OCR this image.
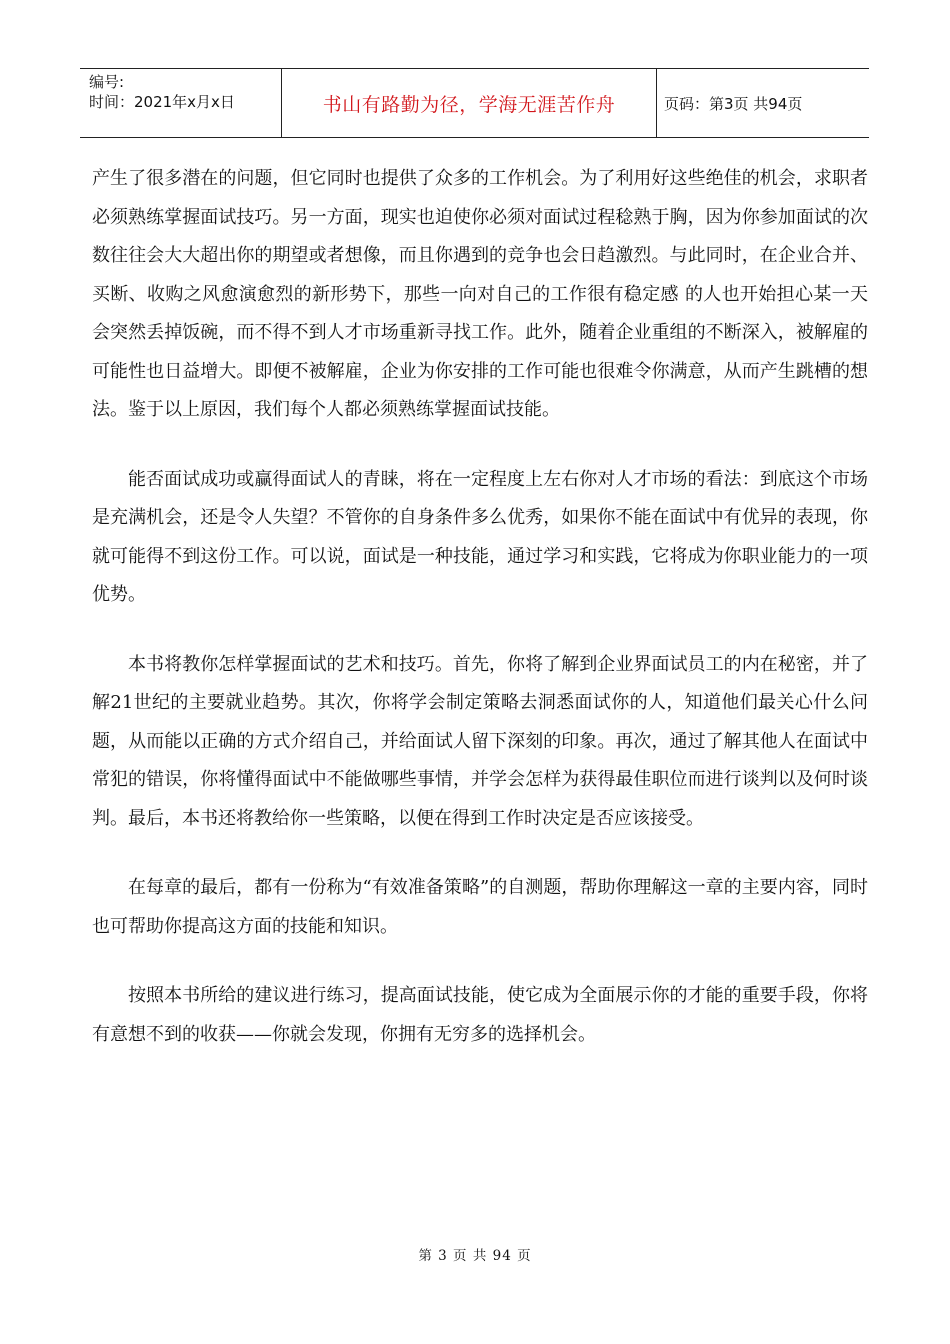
编号:
时间：2021年x月x日	书山有路勤为径，学海无涯苦作舟	页码：第3页 共94页

产生了很多潜在的问题，但它同时也提供了众多的工作机会。为了利用好这些绝佳的机会，求职者必须熟练掌握面试技巧。另一方面，现实也迫使你必须对面试过程稔熟于胸，因为你参加面试的次数往往会大大超出你的期望或者想像，而且你遇到的竞争也会日趋激烈。与此同时，在企业合并、买断、收购之风愈演愈烈的新形势下，那些一向对自己的工作很有稳定感 的人也开始担心某一天会突然丢掉饭碗，而不得不到人才市场重新寻找工作。此外，随着企业重组的不断深入，被解雇的可能性也日益增大。即便不被解雇，企业为你安排的工作可能也很难令你满意，从而产生跳槽的想法。鉴于以上原因，我们每个人都必须熟练掌握面试技能。

能否面试成功或赢得面试人的青睐，将在一定程度上左右你对人才市场的看法：到底这个市场是充满机会，还是令人失望？不管你的自身条件多么优秀，如果你不能在面试中有优异的表现，你就可能得不到这份工作。可以说，面试是一种技能，通过学习和实践，它将成为你职业能力的一项优势。

本书将教你怎样掌握面试的艺术和技巧。首先，你将了解到企业界面试员工的内在秘密，并了解21世纪的主要就业趋势。其次，你将学会制定策略去洞悉面试你的人，知道他们最关心什么问题，从而能以正确的方式介绍自己，并给面试人留下深刻的印象。再次，通过了解其他人在面试中常犯的错误，你将懂得面试中不能做哪些事情，并学会怎样为获得最佳职位而进行谈判以及何时谈判。最后，本书还将教给你一些策略，以便在得到工作时决定是否应该接受。

在每章的最后，都有一份称为“有效准备策略”的自测题，帮助你理解这一章的主要内容，同时也可帮助你提高这方面的技能和知识。

按照本书所给的建议进行练习，提高面试技能，使它成为全面展示你的才能的重要手段，你将有意想不到的收获——你就会发现，你拥有无穷多的选择机会。

第 3 页 共 94 页
